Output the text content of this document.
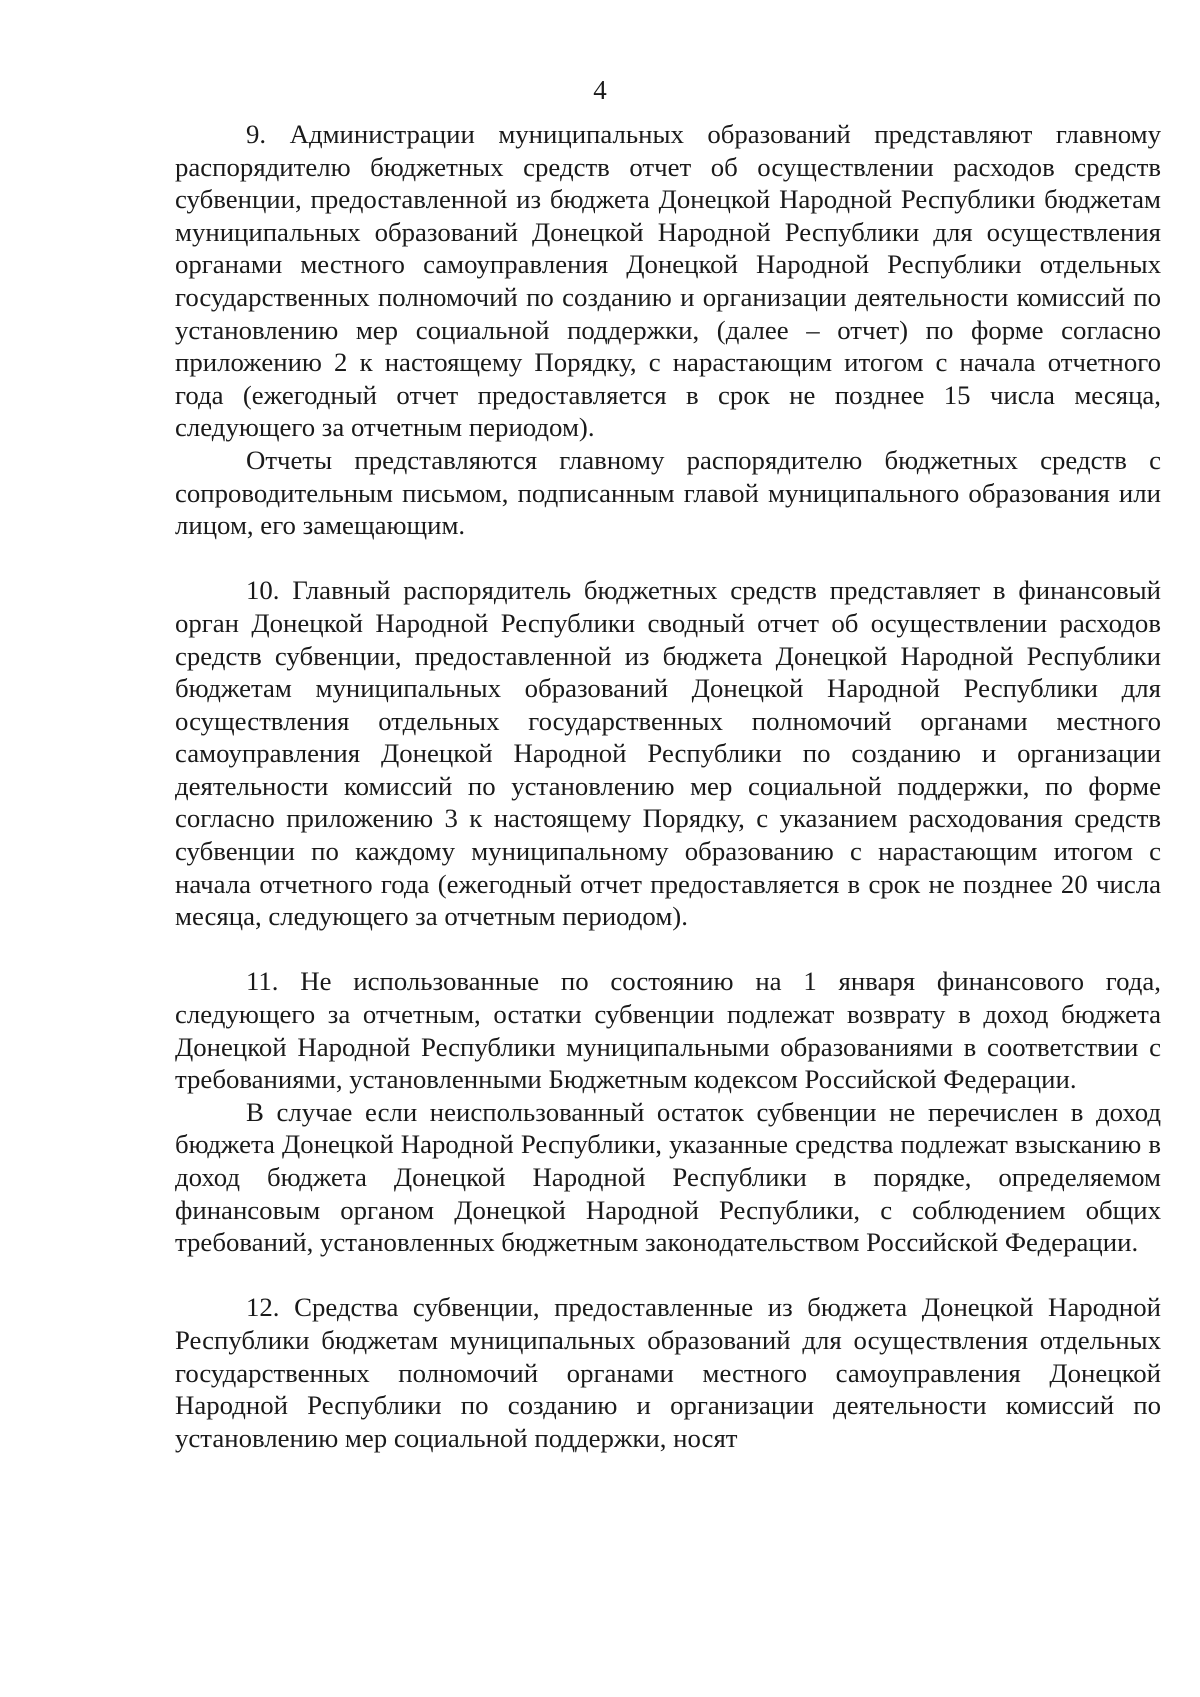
4

9. Администрации муниципальных образований представляют главному распорядителю бюджетных средств отчет об осуществлении расходов средств субвенции, предоставленной из бюджета Донецкой Народной Республики бюджетам муниципальных образований Донецкой Народной Республики для осуществления органами местного самоуправления Донецкой Народной Республики отдельных государственных полномочий по созданию и организации деятельности комиссий по установлению мер социальной поддержки, (далее – отчет) по форме согласно приложению 2 к настоящему Порядку, с нарастающим итогом с начала отчетного года (ежегодный отчет предоставляется в срок не позднее 15 числа месяца, следующего за отчетным периодом).

Отчеты представляются главному распорядителю бюджетных средств с сопроводительным письмом, подписанным главой муниципального образования или лицом, его замещающим.

10. Главный распорядитель бюджетных средств представляет в финансовый орган Донецкой Народной Республики сводный отчет об осуществлении расходов средств субвенции, предоставленной из бюджета Донецкой Народной Республики бюджетам муниципальных образований Донецкой Народной Республики для осуществления отдельных государственных полномочий органами местного самоуправления Донецкой Народной Республики по созданию и организации деятельности комиссий по установлению мер социальной поддержки, по форме согласно приложению 3 к настоящему Порядку, с указанием расходования средств субвенции по каждому муниципальному образованию с нарастающим итогом с начала отчетного года (ежегодный отчет предоставляется в срок не позднее 20 числа месяца, следующего за отчетным периодом).

11. Не использованные по состоянию на 1 января финансового года, следующего за отчетным, остатки субвенции подлежат возврату в доход бюджета Донецкой Народной Республики муниципальными образованиями в соответствии с требованиями, установленными Бюджетным кодексом Российской Федерации.

В случае если неиспользованный остаток субвенции не перечислен в доход бюджета Донецкой Народной Республики, указанные средства подлежат взысканию в доход бюджета Донецкой Народной Республики в порядке, определяемом финансовым органом Донецкой Народной Республики, с соблюдением общих требований, установленных бюджетным законодательством Российской Федерации.

12. Средства субвенции, предоставленные из бюджета Донецкой Народной Республики бюджетам муниципальных образований для осуществления отдельных государственных полномочий органами местного самоуправления Донецкой Народной Республики по созданию и организации деятельности комиссий по установлению мер социальной поддержки, носят
